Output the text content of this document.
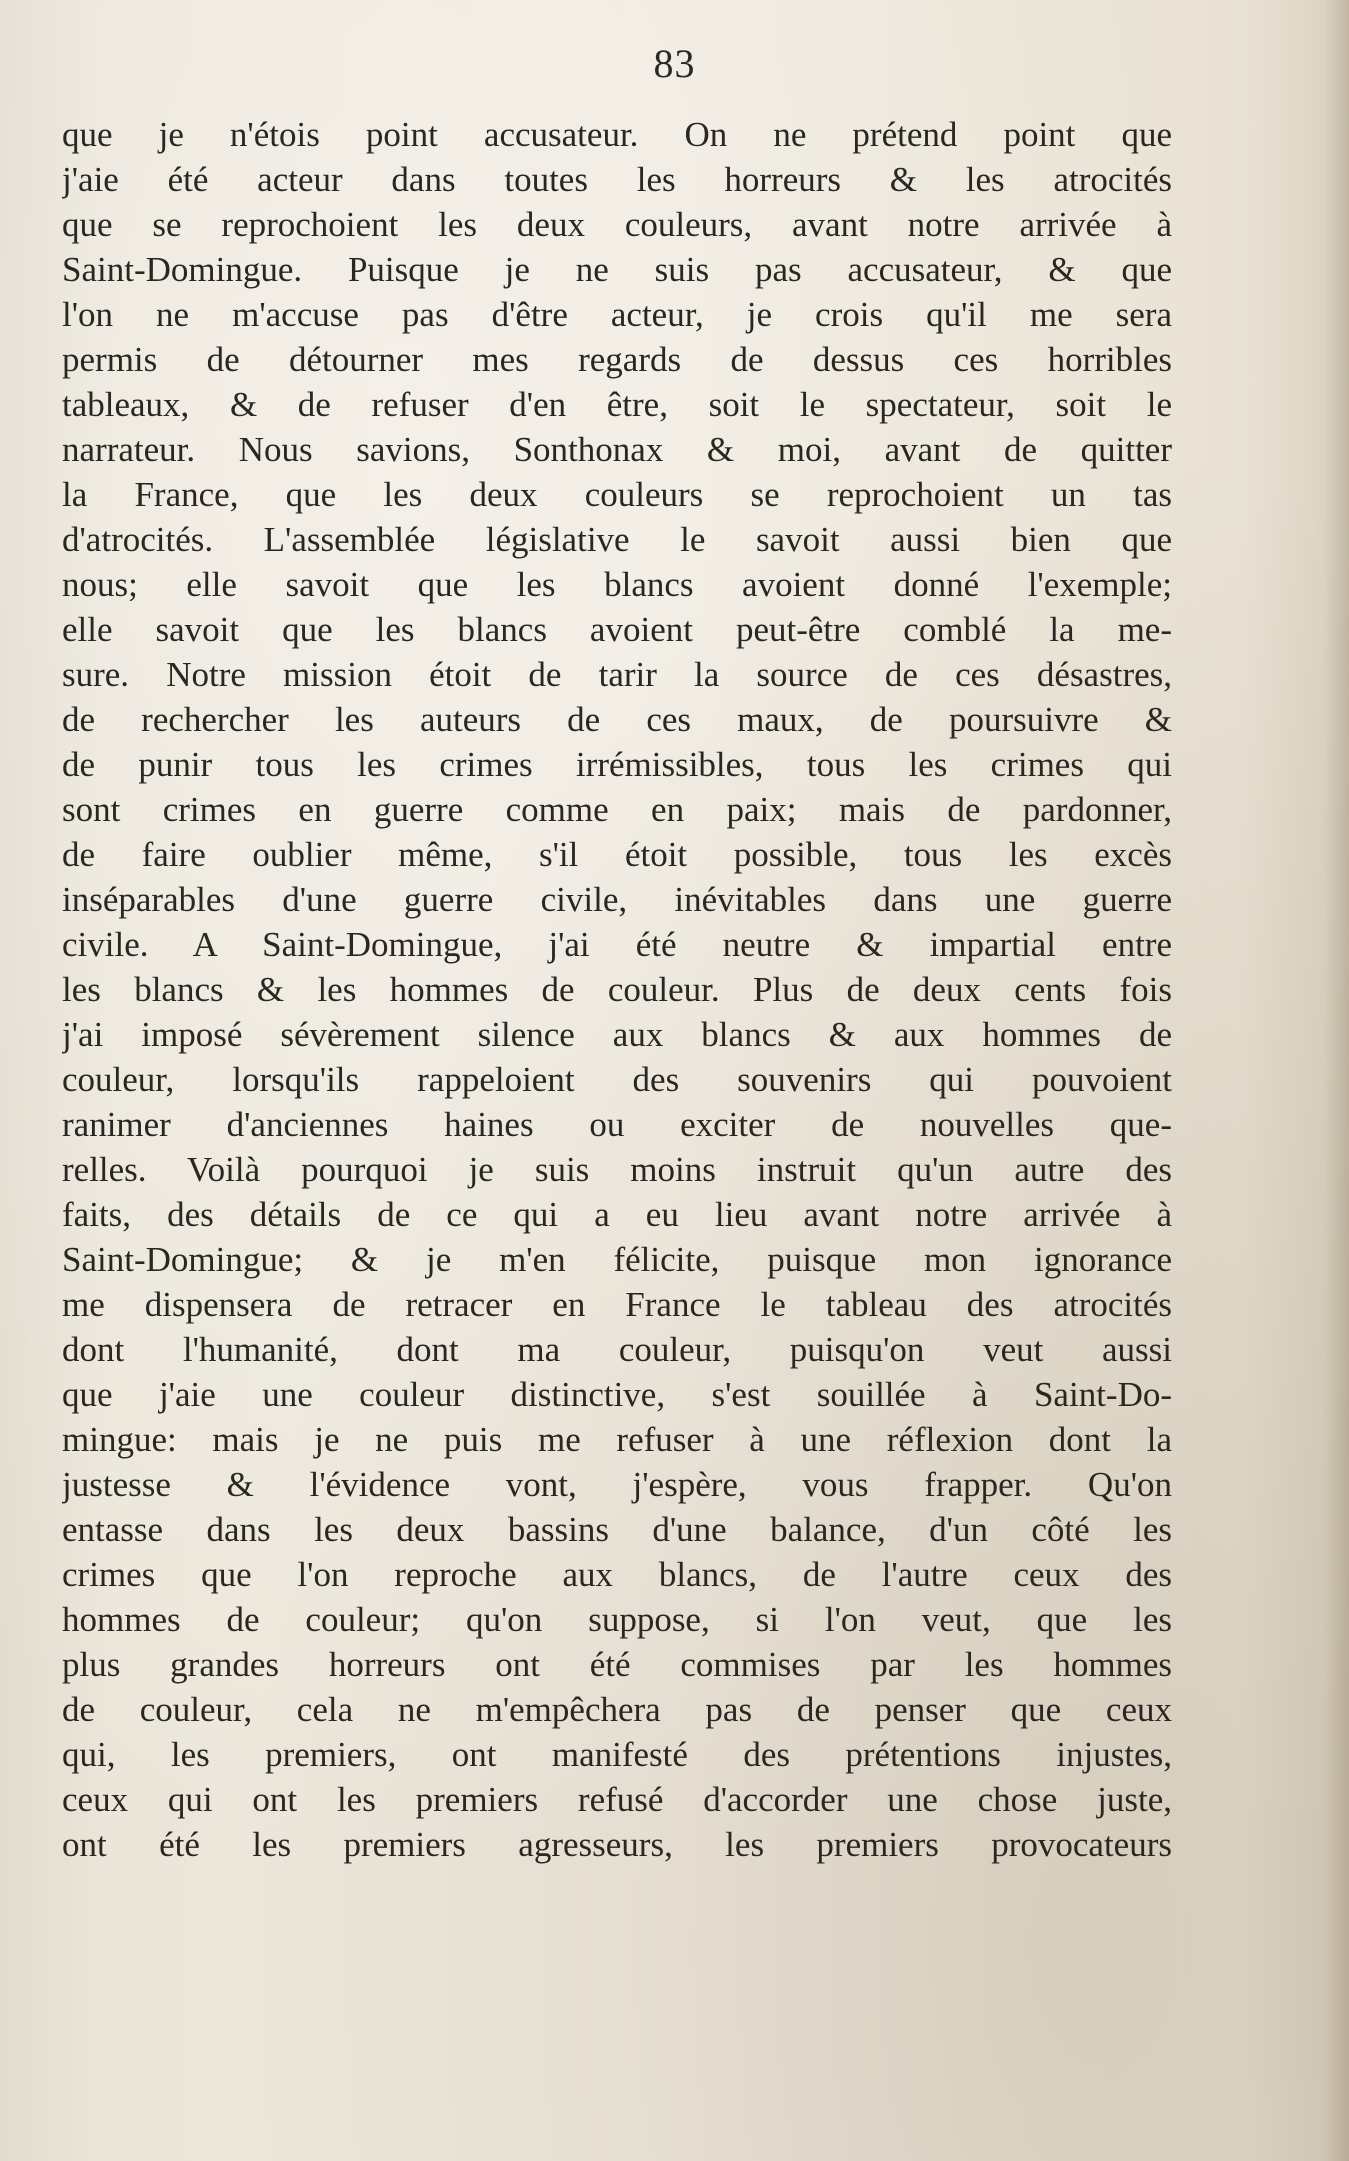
83
que je n'étois point accusateur. On ne prétend point que
j'aie été acteur dans toutes les horreurs & les atrocités
que se reprochoient les deux couleurs, avant notre arrivée à
Saint-Domingue. Puisque je ne suis pas accusateur, & que
l'on ne m'accuse pas d'être acteur, je crois qu'il me sera
permis de détourner mes regards de dessus ces horribles
tableaux, & de refuser d'en être, soit le spectateur, soit le
narrateur. Nous savions, Sonthonax & moi, avant de quitter
la France, que les deux couleurs se reprochoient un tas
d'atrocités. L'assemblée législative le savoit aussi bien que
nous; elle savoit que les blancs avoient donné l'exemple;
elle savoit que les blancs avoient peut-être comblé la me-
sure. Notre mission étoit de tarir la source de ces désastres,
de rechercher les auteurs de ces maux, de poursuivre &
de punir tous les crimes irrémissibles, tous les crimes qui
sont crimes en guerre comme en paix; mais de pardonner,
de faire oublier même, s'il étoit possible, tous les excès
inséparables d'une guerre civile, inévitables dans une guerre
civile. A Saint-Domingue, j'ai été neutre & impartial entre
les blancs & les hommes de couleur. Plus de deux cents fois
j'ai imposé sévèrement silence aux blancs & aux hommes de
couleur, lorsqu'ils rappeloient des souvenirs qui pouvoient
ranimer d'anciennes haines ou exciter de nouvelles que-
relles. Voilà pourquoi je suis moins instruit qu'un autre des
faits, des détails de ce qui a eu lieu avant notre arrivée à
Saint-Domingue; & je m'en félicite, puisque mon ignorance
me dispensera de retracer en France le tableau des atrocités
dont l'humanité, dont ma couleur, puisqu'on veut aussi
que j'aie une couleur distinctive, s'est souillée à Saint-Do-
mingue: mais je ne puis me refuser à une réflexion dont la
justesse & l'évidence vont, j'espère, vous frapper. Qu'on
entasse dans les deux bassins d'une balance, d'un côté les
crimes que l'on reproche aux blancs, de l'autre ceux des
hommes de couleur; qu'on suppose, si l'on veut, que les
plus grandes horreurs ont été commises par les hommes
de couleur, cela ne m'empêchera pas de penser que ceux
qui, les premiers, ont manifesté des prétentions injustes,
ceux qui ont les premiers refusé d'accorder une chose juste,
ont été les premiers agresseurs, les premiers provocateurs
